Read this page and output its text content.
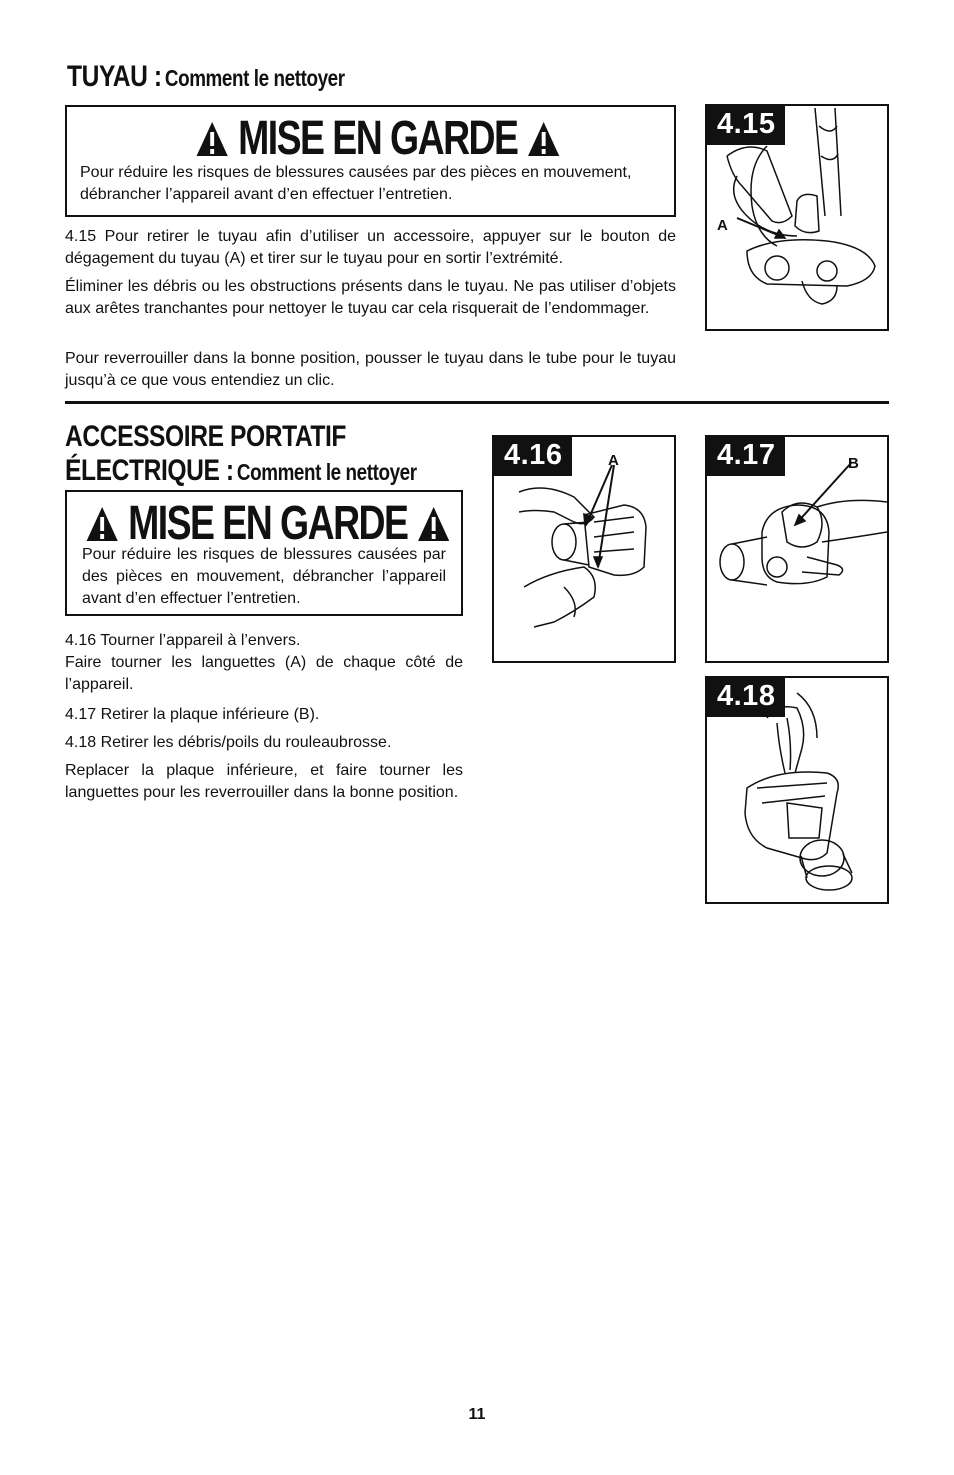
TUYAU : Comment le nettoyer
MISE EN GARDE
Pour réduire les risques de blessures causées par des pièces en mouvement, débrancher l’appareil avant d’en effectuer l’entretien.
4.15 Pour retirer le tuyau afin d’utiliser un accessoire, appuyer sur le bouton de dégagement du tuyau (A) et tirer sur le tuyau pour en sortir l’extrémité.
Éliminer les débris ou les obstructions présents dans le tuyau. Ne pas utiliser d’objets aux arêtes tranchantes pour nettoyer le tuyau car cela risquerait de l’endommager.
Pour reverrouiller dans la bonne position, pousser le tuyau dans le tube pour le tuyau jusqu’à ce que vous entendiez un clic.
4.15
A
ACCESSOIRE PORTATIF
ÉLECTRIQUE : Comment le nettoyer
MISE EN GARDE
Pour réduire les risques de blessures causées par des pièces en mouvement, débrancher l’appareil avant d’en effectuer l’entretien.
4.16 Tourner l’appareil à l’envers.
Faire tourner les languettes (A) de chaque côté de l’appareil.
4.17 Retirer la plaque inférieure (B).
4.18 Retirer les débris/poils du rouleaubrosse.
Replacer la plaque inférieure, et faire tourner les languettes pour les reverrouiller dans la bonne position.
4.16	A	4.17	B
4.18
11
